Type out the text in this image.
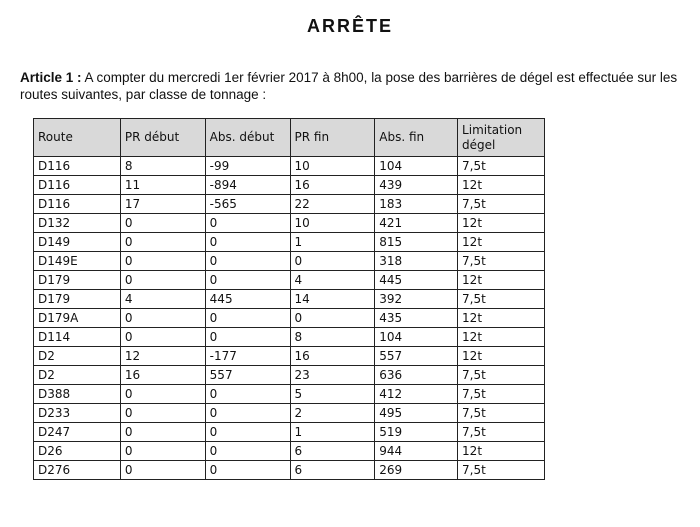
ARRÊTE
Article 1 : A compter du mercredi 1er février 2017 à 8h00, la pose des barrières de dégel est effectuée sur les routes suivantes, par classe de tonnage :
Route	PR début	Abs. début	PR fin	Abs. fin	Limitation dégel
D116	8	-99	10	104	7,5t
D116	11	-894	16	439	12t
D116	17	-565	22	183	7,5t
D132	0	0	10	421	12t
D149	0	0	1	815	12t
D149E	0	0	0	318	7,5t
D179	0	0	4	445	12t
D179	4	445	14	392	7,5t
D179A	0	0	0	435	12t
D114	0	0	8	104	12t
D2	12	-177	16	557	12t
D2	16	557	23	636	7,5t
D388	0	0	5	412	7,5t
D233	0	0	2	495	7,5t
D247	0	0	1	519	7,5t
D26	0	0	6	944	12t
D276	0	0	6	269	7,5t
